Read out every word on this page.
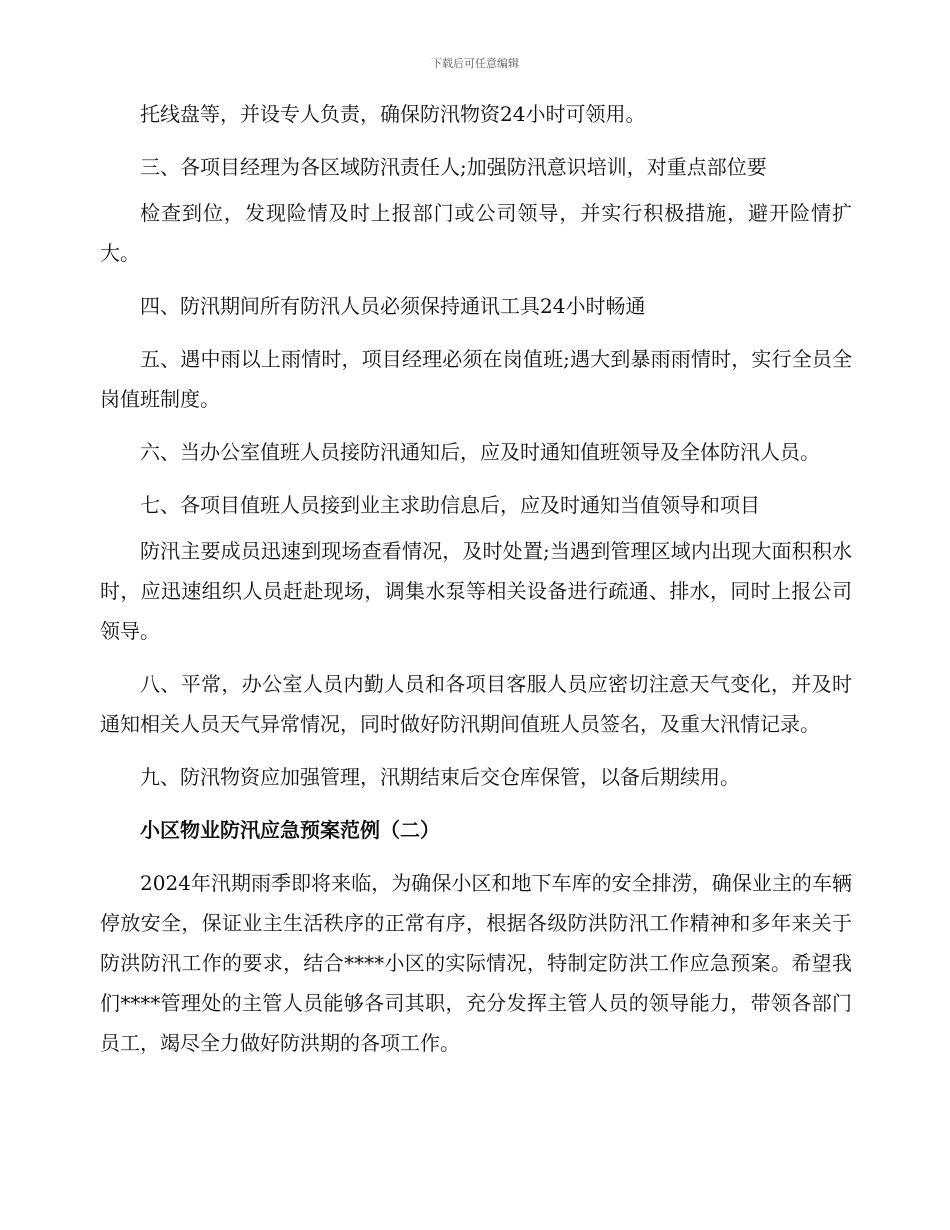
下载后可任意编辑

托线盘等，并设专人负责，确保防汛物资24小时可领用。

三、各项目经理为各区域防汛责任人;加强防汛意识培训，对重点部位要

检查到位，发现险情及时上报部门或公司领导，并实行积极措施，避开险情扩大。

四、防汛期间所有防汛人员必须保持通讯工具24小时畅通

五、遇中雨以上雨情时，项目经理必须在岗值班;遇大到暴雨雨情时，实行全员全岗值班制度。

六、当办公室值班人员接防汛通知后，应及时通知值班领导及全体防汛人员。

七、各项目值班人员接到业主求助信息后，应及时通知当值领导和项目

防汛主要成员迅速到现场查看情况，及时处置;当遇到管理区域内出现大面积积水时，应迅速组织人员赶赴现场，调集水泵等相关设备进行疏通、排水，同时上报公司领导。

八、平常，办公室人员内勤人员和各项目客服人员应密切注意天气变化，并及时通知相关人员天气异常情况，同时做好防汛期间值班人员签名，及重大汛情记录。

九、防汛物资应加强管理，汛期结束后交仓库保管，以备后期续用。

小区物业防汛应急预案范例（二）

2024年汛期雨季即将来临，为确保小区和地下车库的安全排涝，确保业主的车辆停放安全，保证业主生活秩序的正常有序，根据各级防洪防汛工作精神和多年来关于防洪防汛工作的要求，结合****小区的实际情况，特制定防洪工作应急预案。希望我们****管理处的主管人员能够各司其职，充分发挥主管人员的领导能力，带领各部门员工，竭尽全力做好防洪期的各项工作。
